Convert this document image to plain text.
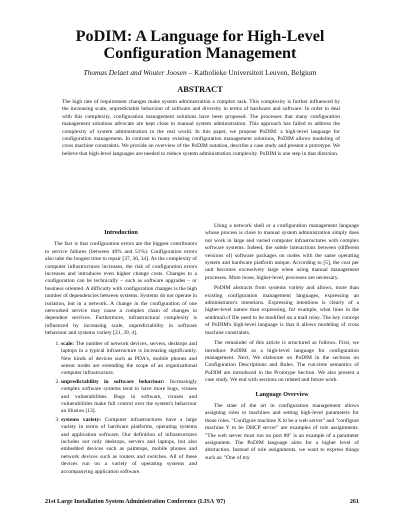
PoDIM: A Language for High-Level
Configuration Management
Thomas Delaet and Wouter Joosen – Katholieke Universiteit Leuven, Belgium
ABSTRACT

The high rate of requirement changes make system administration a complex task. This complexity is further influenced by the increasing scale, unpredictable behaviour of software and diversity in terms of hardware and software. In order to deal with this complexity, configuration management solutions have been proposed. The processes that many configuration management solutions advocate are kept close to manual system administration. This approach has failed to address the complexity of system administration in the real world. In this paper, we propose PoDIM: a high-level language for configuration management. In contrast to many existing configuration management solutions, PoDIM allows modeling of cross machine constraints. We provide an overview of the PoDIM notation, describe a case study and present a prototype. We believe that high-level languages are needed to reduce system administration complexity. PoDIM is one step in that direction.

Introduction

The fact is that configuration errors are the biggest contributors to service failures (between 40% and 51%). Configuration errors also take the longest time to repair [37, 36, 34]. As the complexity of computer infrastructures increases, the risk of configuration errors increases and introduces even higher change costs. Changes to a configuration can be technically – such as software upgrades – or business oriented. A difficulty with configuration changes is the high number of dependencies between systems. Systems do not operate in isolation, but in a network. A change in the configuration of one networked service may cause a complex chain of changes in dependent services. Furthermore, infrastructural complexity is influenced by increasing scale, unpredictability in software behaviour and systems variety [21, 39, 4].

1. scale: The number of network devices, servers, desktops and laptops in a typical infrastructure is increasing significantly. New kinds of devices such as PDA's, mobile phones and sensor nodes are extending the scope of an organizational computer infrastructure.
2. unpredictability in software behaviour: Increasingly complex software systems tend to have more bugs, viruses and vulnerabilities. Bugs in software, viruses and vulnerabilities make full control over the system's behaviour an illusion [13].
3. systems variety: Computer infrastructures have a large variety in terms of hardware platforms, operating systems and application software. Our definition of infrastructures includes not only desktops, servers and laptops, but also embedded devices such as palmtops, mobile phones and network devices such as routers and switches. All of these devices run on a variety of operating systems and accompanying application software.

Using a network shell or a configuration management language whose process is close to manual system administration simply does not work in large and varied computer infrastructures with complex software systems. Indeed, the subtle interactions between (different versions of) software packages on nodes with the same operating system and hardware platform unique. According to [5], the cost per unit becomes excessively large when using manual management processes. More loose, higher-level, processes are necessary.

PoDIM abstracts from systems variety and allows, more than existing configuration management languages, expressing an administrator's intentions. Expressing intentions is clearly of a higher-level nature than expressing, for example, what lines in the sendmail.cf file need to be modified on a mail relay. The key concept of PoDIM's high-level language is that it allows modeling of cross machine constraints.

The remainder of this article is structured as follows. First, we introduce PoDIM as a high-level language for configuration management. Next, We elaborate on PoDIM in the sections on Configuration Descriptions and Rules. The run-time semantics of PoDIM are introduced in the Prototype Section. We also present a case study. We end with sections on related and future work.

Language Overview

The state of the art in configuration management allows assigning roles to machines and setting high-level parameters for those roles. "Configure machine X to be a web server" and "configure machine Y to be DHCP server" are examples of role assignments. "The web server must run on port 80" is an example of a parameter assignment. The PoDIM language aims for a higher level of abstraction. Instead of role assignments, we want to express things such as: "One of my

21st Large Installation System Administration Conference (LISA '07)	261
